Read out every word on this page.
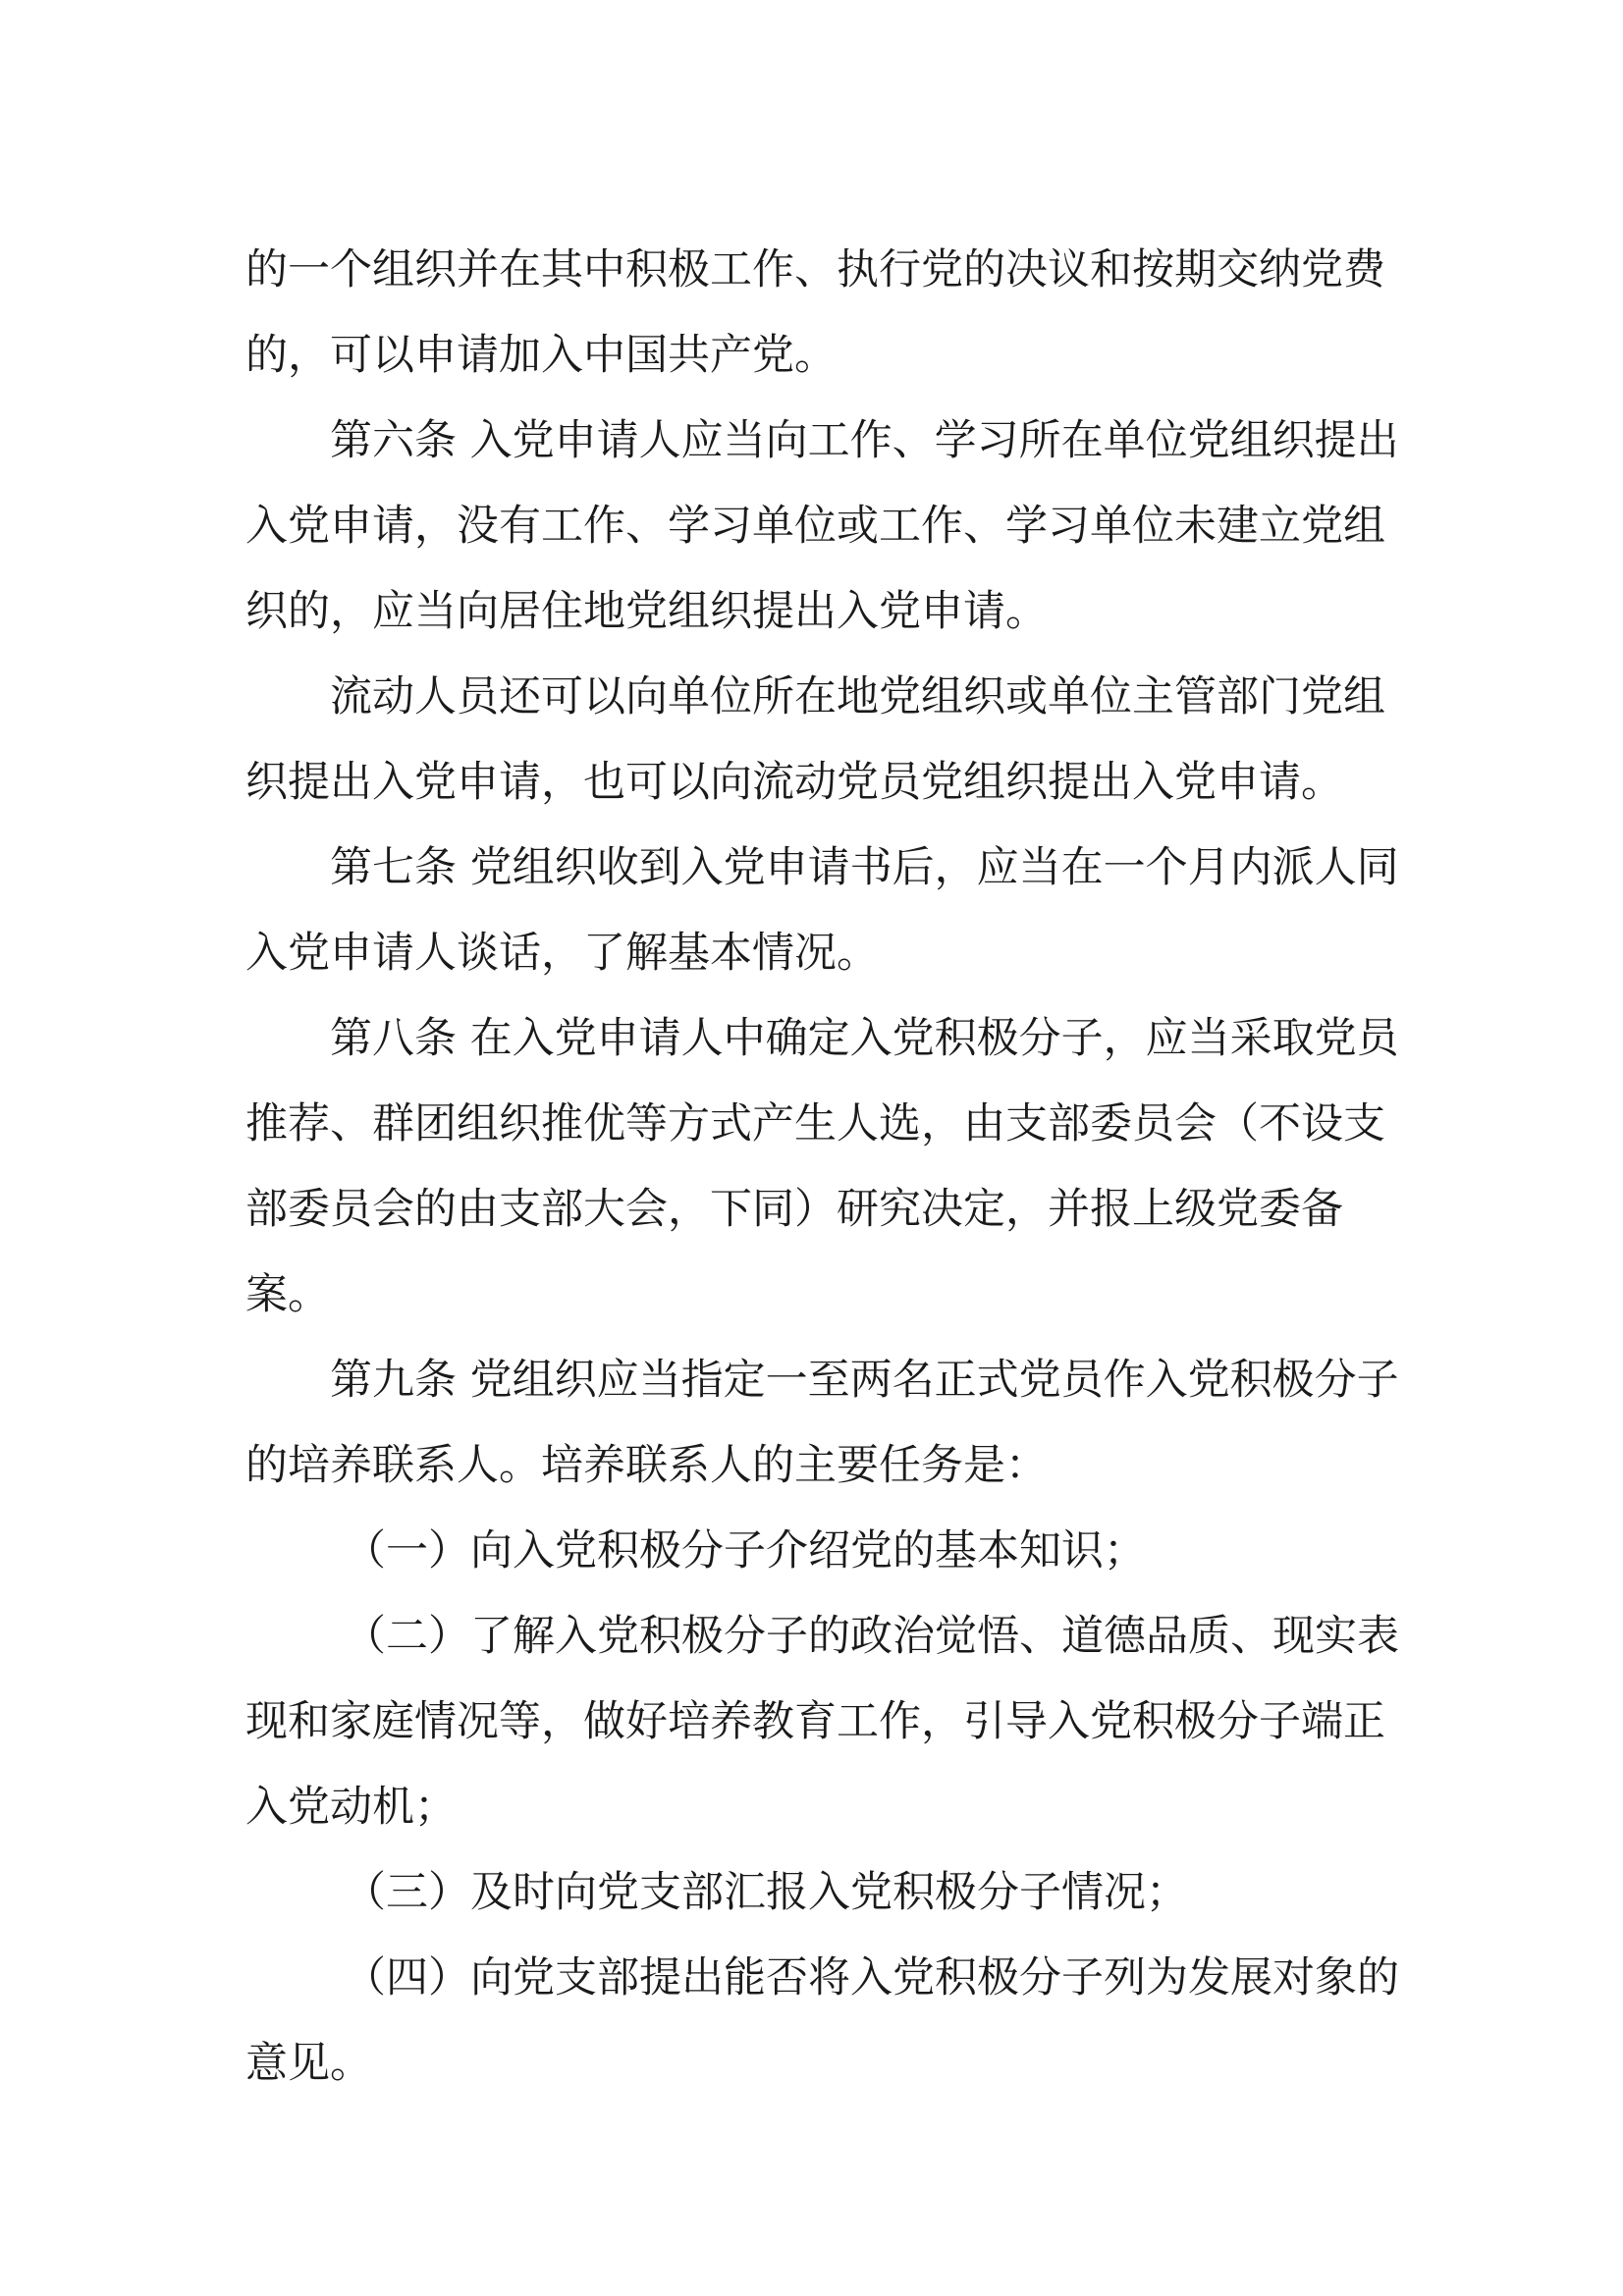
的一个组织并在其中积极工作、执行党的决议和按期交纳党费
的，可以申请加入中国共产党。
第六条 入党申请人应当向工作、学习所在单位党组织提出
入党申请，没有工作、学习单位或工作、学习单位未建立党组
织的，应当向居住地党组织提出入党申请。
流动人员还可以向单位所在地党组织或单位主管部门党组
织提出入党申请，也可以向流动党员党组织提出入党申请。
第七条 党组织收到入党申请书后，应当在一个月内派人同
入党申请人谈话，了解基本情况。
第八条 在入党申请人中确定入党积极分子，应当采取党员
推荐、群团组织推优等方式产生人选，由支部委员会（不设支
部委员会的由支部大会，下同）研究决定，并报上级党委备
案。
第九条 党组织应当指定一至两名正式党员作入党积极分子
的培养联系人。培养联系人的主要任务是：
（一）向入党积极分子介绍党的基本知识；
（二）了解入党积极分子的政治觉悟、道德品质、现实表
现和家庭情况等，做好培养教育工作，引导入党积极分子端正
入党动机；
（三）及时向党支部汇报入党积极分子情况；
（四）向党支部提出能否将入党积极分子列为发展对象的
意见。
